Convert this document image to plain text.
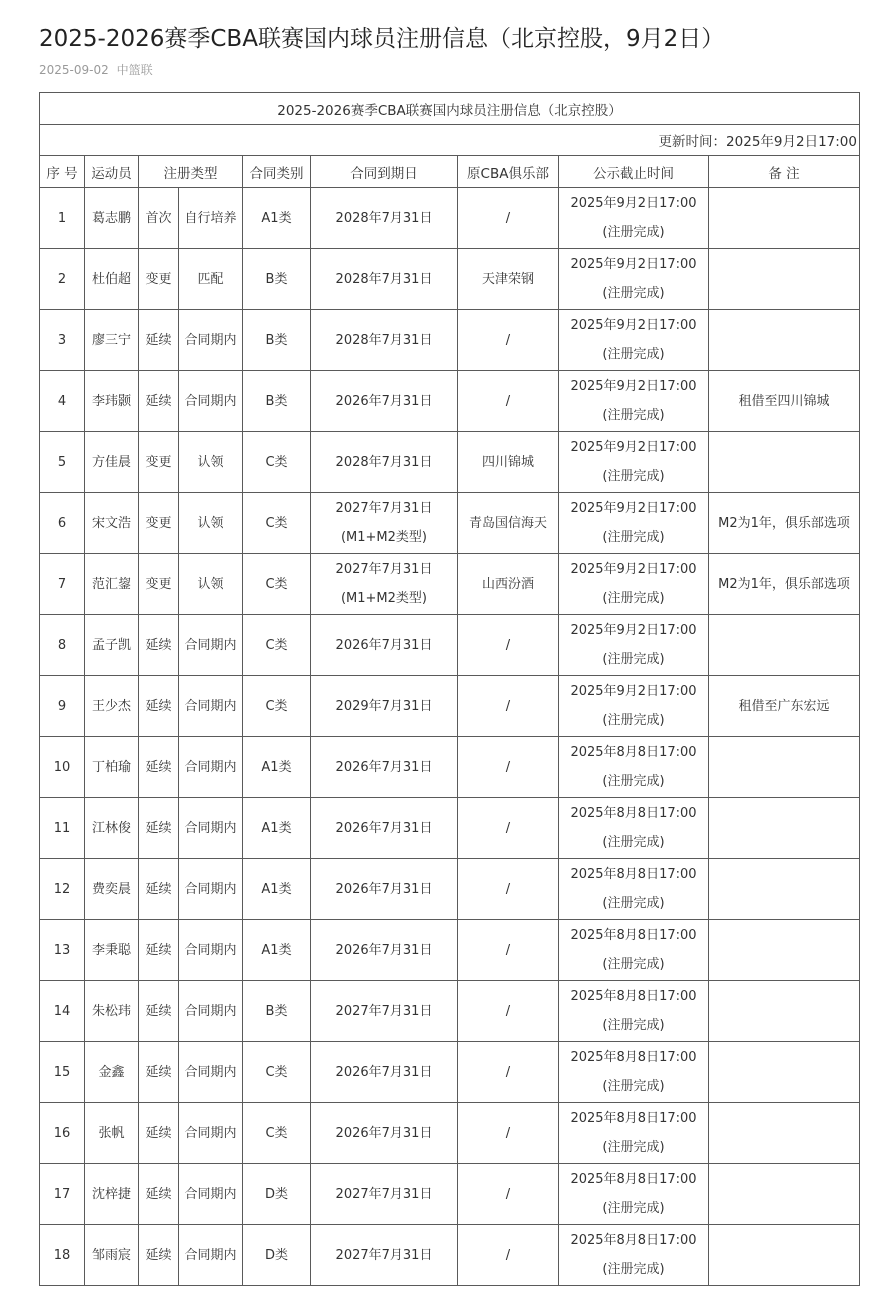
2025-2026赛季CBA联赛国内球员注册信息（北京控股，9月2日）
2025-09-02 中篮联
2025-2026赛季CBA联赛国内球员注册信息（北京控股）								
更新时间：2025年9月2日17:00								
序 号	运动员	注册类型		合同类别	合同到期日	原CBA俱乐部	公示截止时间	备 注
1	葛志鹏	首次	自行培养	A1类	2028年7月31日	/	2025年9月2日17:00
(注册完成)	

2	杜伯超	变更	匹配	B类	2028年7月31日	天津荣钢	2025年9月2日17:00
(注册完成)	

3	廖三宁	延续	合同期内	B类	2028年7月31日	/	2025年9月2日17:00
(注册完成)	

4	李玮颢	延续	合同期内	B类	2026年7月31日	/	2025年9月2日17:00
(注册完成)	租借至四川锦城
5	方佳晨	变更	认领	C类	2028年7月31日	四川锦城	2025年9月2日17:00
(注册完成)	

6	宋文浩	变更	认领	C类	2027年7月31日
(M1+M2类型)	青岛国信海天	2025年9月2日17:00
(注册完成)	M2为1年，俱乐部选项
7	范汇鋆	变更	认领	C类	2027年7月31日
(M1+M2类型)	山西汾酒	2025年9月2日17:00
(注册完成)	M2为1年，俱乐部选项
8	孟子凯	延续	合同期内	C类	2026年7月31日	/	2025年9月2日17:00
(注册完成)	

9	王少杰	延续	合同期内	C类	2029年7月31日	/	2025年9月2日17:00
(注册完成)	租借至广东宏远
10	丁柏瑜	延续	合同期内	A1类	2026年7月31日	/	2025年8月8日17:00
(注册完成)	

11	江林俊	延续	合同期内	A1类	2026年7月31日	/	2025年8月8日17:00
(注册完成)	

12	费奕晨	延续	合同期内	A1类	2026年7月31日	/	2025年8月8日17:00
(注册完成)	

13	李秉聪	延续	合同期内	A1类	2026年7月31日	/	2025年8月8日17:00
(注册完成)	

14	朱松玮	延续	合同期内	B类	2027年7月31日	/	2025年8月8日17:00
(注册完成)	

15	金鑫	延续	合同期内	C类	2026年7月31日	/	2025年8月8日17:00
(注册完成)	

16	张帆	延续	合同期内	C类	2026年7月31日	/	2025年8月8日17:00
(注册完成)	

17	沈梓捷	延续	合同期内	D类	2027年7月31日	/	2025年8月8日17:00
(注册完成)	

18	邹雨宸	延续	合同期内	D类	2027年7月31日	/	2025年8月8日17:00
(注册完成)	
